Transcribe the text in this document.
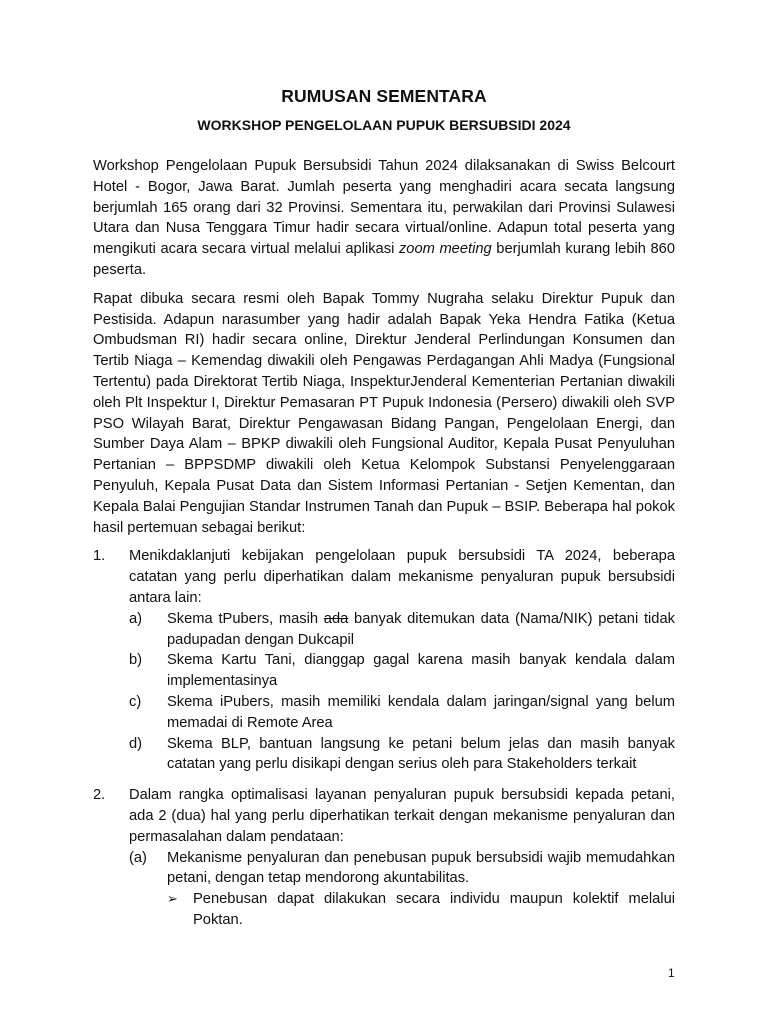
RUMUSAN SEMENTARA
WORKSHOP PENGELOLAAN PUPUK BERSUBSIDI 2024

Workshop Pengelolaan Pupuk Bersubsidi Tahun 2024 dilaksanakan di Swiss Belcourt Hotel - Bogor, Jawa Barat. Jumlah peserta yang menghadiri acara secata langsung berjumlah 165 orang dari 32 Provinsi. Sementara itu, perwakilan dari Provinsi Sulawesi Utara dan Nusa Tenggara Timur hadir secara virtual/online. Adapun total peserta yang mengikuti acara secara virtual melalui aplikasi zoom meeting berjumlah kurang lebih 860 peserta.

Rapat dibuka secara resmi oleh Bapak Tommy Nugraha selaku Direktur Pupuk dan Pestisida. Adapun narasumber yang hadir adalah Bapak Yeka Hendra Fatika (Ketua Ombudsman RI) hadir secara online, Direktur Jenderal Perlindungan Konsumen dan Tertib Niaga – Kemendag diwakili oleh Pengawas Perdagangan Ahli Madya (Fungsional Tertentu) pada Direktorat Tertib Niaga, InspekturJenderal Kementerian Pertanian diwakili oleh Plt Inspektur I, Direktur Pemasaran PT Pupuk Indonesia (Persero) diwakili oleh SVP PSO Wilayah Barat, Direktur Pengawasan Bidang Pangan, Pengelolaan Energi, dan Sumber Daya Alam – BPKP diwakili oleh Fungsional Auditor, Kepala Pusat Penyuluhan Pertanian – BPPSDMP diwakili oleh Ketua Kelompok Substansi Penyelenggaraan Penyuluh, Kepala Pusat Data dan Sistem Informasi Pertanian - Setjen Kementan, dan Kepala Balai Pengujian Standar Instrumen Tanah dan Pupuk – BSIP. Beberapa hal pokok hasil pertemuan sebagai berikut:

1.	Menikdaklanjuti kebijakan pengelolaan pupuk bersubsidi TA 2024, beberapa catatan yang perlu diperhatikan dalam mekanisme penyaluran pupuk bersubsidi antara lain:
a)	Skema tPubers, masih ada banyak ditemukan data (Nama/NIK) petani tidak padupadan dengan Dukcapil
b)	Skema Kartu Tani, dianggap gagal karena masih banyak kendala dalam implementasinya
c)	Skema iPubers, masih memiliki kendala dalam jaringan/signal yang belum memadai di Remote Area
d)	Skema BLP, bantuan langsung ke petani belum jelas dan masih banyak catatan yang perlu disikapi dengan serius oleh para Stakeholders terkait
2.	Dalam rangka optimalisasi layanan penyaluran pupuk bersubsidi kepada petani, ada 2 (dua) hal yang perlu diperhatikan terkait dengan mekanisme penyaluran dan permasalahan dalam pendataan:
(a)	Mekanisme penyaluran dan penebusan pupuk bersubsidi wajib memudahkan petani, dengan tetap mendorong akuntabilitas.
➢	Penebusan dapat dilakukan secara individu maupun kolektif melalui Poktan.
1
